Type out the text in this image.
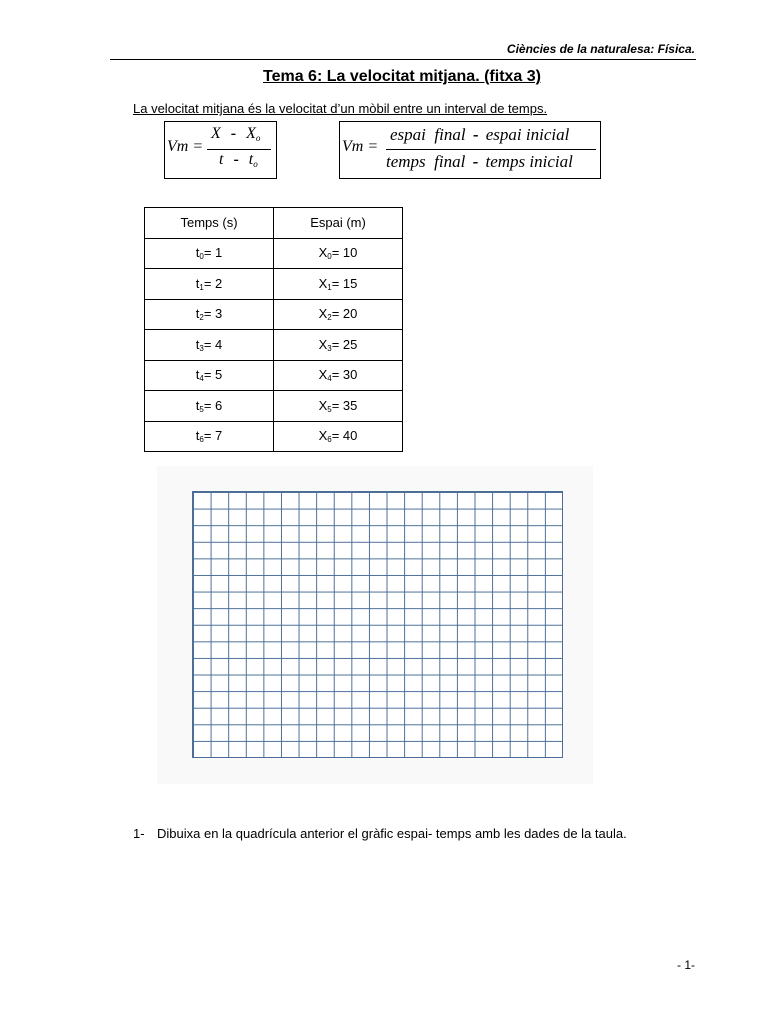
Ciències de la naturalesa: Física.
Tema 6: La velocitat mitjana. (fitxa 3)
La velocitat mitjana és la velocitat d’un mòbil entre un interval de temps.
Vm =
X - $X_o$
t - $t_o$
Vm =
espai  final - espai inicial
temps  final - temps inicial
Temps (s)	Espai (m)
t0= 1	X0= 10
t1= 2	X1= 15
t2= 3	X2= 20
t3= 4	X3= 25
t4= 5	X4= 30
t5= 6	X5= 35
t6= 7	X6= 40
1- Dibuixa en la quadrícula anterior el gràfic espai- temps amb les dades de la taula.
- 1-
